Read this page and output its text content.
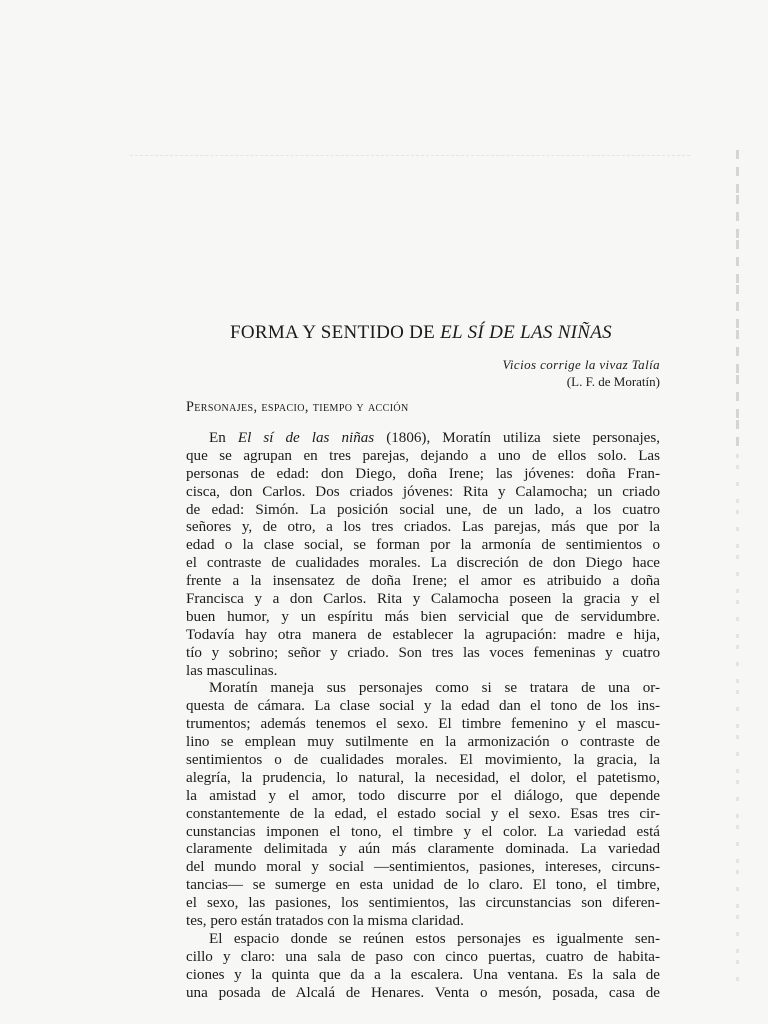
FORMA Y SENTIDO DE EL SÍ DE LAS NIÑAS
Vicios corrige la vivaz Talía
(L. F. de Moratín)
Personajes, espacio, tiempo y acción
En El sí de las niñas (1806), Moratín utiliza siete personajes,
que se agrupan en tres parejas, dejando a uno de ellos solo. Las
personas de edad: don Diego, doña Irene; las jóvenes: doña Fran-
cisca, don Carlos. Dos criados jóvenes: Rita y Calamocha; un criado
de edad: Simón. La posición social une, de un lado, a los cuatro
señores y, de otro, a los tres criados. Las parejas, más que por la
edad o la clase social, se forman por la armonía de sentimientos o
el contraste de cualidades morales. La discreción de don Diego hace
frente a la insensatez de doña Irene; el amor es atribuido a doña
Francisca y a don Carlos. Rita y Calamocha poseen la gracia y el
buen humor, y un espíritu más bien servicial que de servidumbre.
Todavía hay otra manera de establecer la agrupación: madre e hija,
tío y sobrino; señor y criado. Son tres las voces femeninas y cuatro
las masculinas.
Moratín maneja sus personajes como si se tratara de una or-
questa de cámara. La clase social y la edad dan el tono de los ins-
trumentos; además tenemos el sexo. El timbre femenino y el mascu-
lino se emplean muy sutilmente en la armonización o contraste de
sentimientos o de cualidades morales. El movimiento, la gracia, la
alegría, la prudencia, lo natural, la necesidad, el dolor, el patetismo,
la amistad y el amor, todo discurre por el diálogo, que depende
constantemente de la edad, el estado social y el sexo. Esas tres cir-
cunstancias imponen el tono, el timbre y el color. La variedad está
claramente delimitada y aún más claramente dominada. La variedad
del mundo moral y social —sentimientos, pasiones, intereses, circuns-
tancias— se sumerge en esta unidad de lo claro. El tono, el timbre,
el sexo, las pasiones, los sentimientos, las circunstancias son diferen-
tes, pero están tratados con la misma claridad.
El espacio donde se reúnen estos personajes es igualmente sen-
cillo y claro: una sala de paso con cinco puertas, cuatro de habita-
ciones y la quinta que da a la escalera. Una ventana. Es la sala de
una posada de Alcalá de Henares. Venta o mesón, posada, casa de
